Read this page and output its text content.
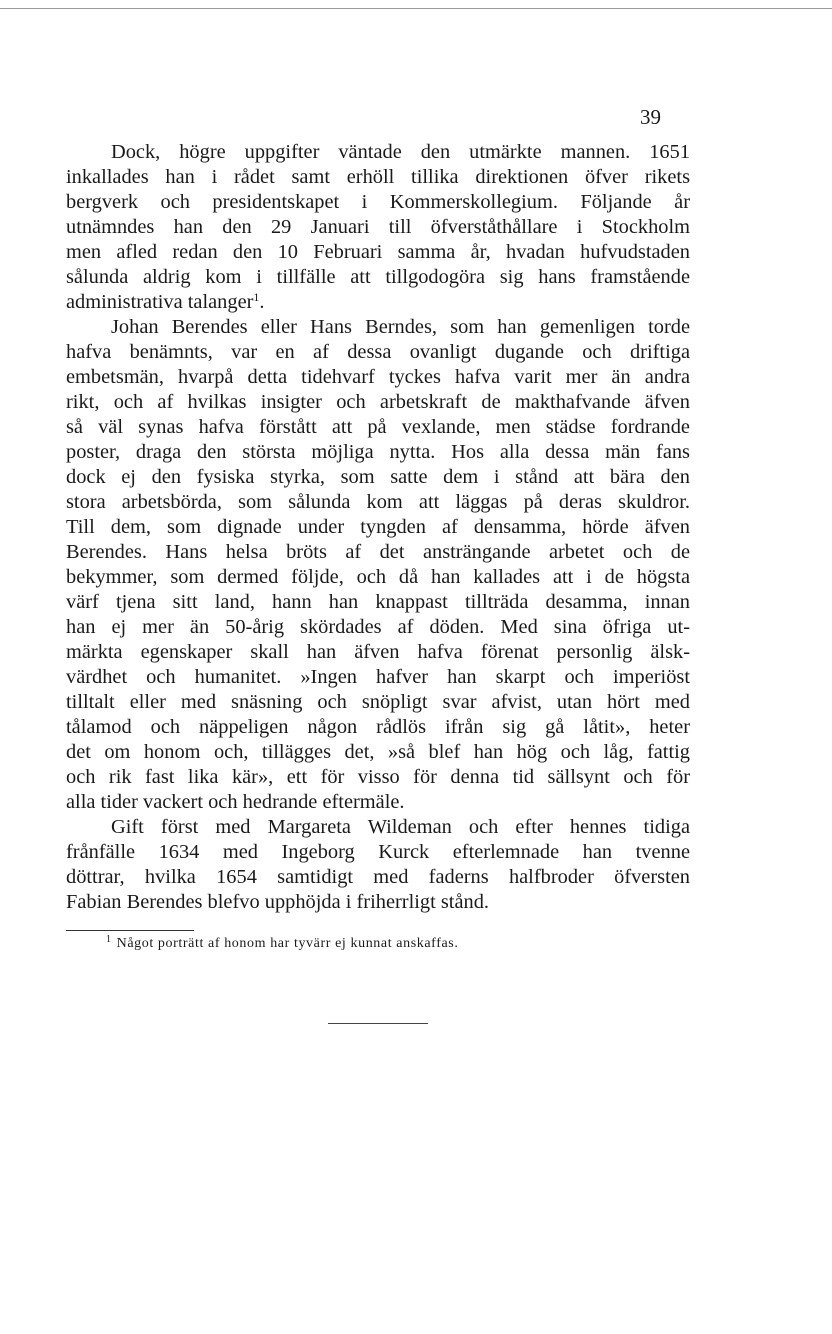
39

Dock, högre uppgifter väntade den utmärkte mannen. 1651
inkallades han i rådet samt erhöll tillika direktionen öfver rikets
bergverk och presidentskapet i Kommerskollegium. Följande år
utnämndes han den 29 Januari till öfverståthållare i Stockholm
men afled redan den 10 Februari samma år, hvadan hufvudstaden
sålunda aldrig kom i tillfälle att tillgodogöra sig hans framstående
administrativa talanger$^1$.

Johan Berendes eller Hans Berndes, som han gemenligen torde
hafva benämnts, var en af dessa ovanligt dugande och driftiga
embetsmän, hvarpå detta tidehvarf tyckes hafva varit mer än andra
rikt, och af hvilkas insigter och arbetskraft de makthafvande äfven
så väl synas hafva förstått att på vexlande, men städse fordrande
poster, draga den största möjliga nytta. Hos alla dessa män fans
dock ej den fysiska styrka, som satte dem i stånd att bära den
stora arbetsbörda, som sålunda kom att läggas på deras skuldror.
Till dem, som dignade under tyngden af densamma, hörde äfven
Berendes. Hans helsa bröts af det ansträngande arbetet och de
bekymmer, som dermed följde, och då han kallades att i de högsta
värf tjena sitt land, hann han knappast tillträda desamma, innan
han ej mer än 50-årig skördades af döden. Med sina öfriga ut-
märkta egenskaper skall han äfven hafva förenat personlig älsk-
värdhet och humanitet. »Ingen hafver han skarpt och imperiöst
tilltalt eller med snäsning och snöpligt svar afvist, utan hört med
tålamod och näppeligen någon rådlös ifrån sig gå låtit», heter
det om honom och, tillägges det, »så blef han hög och låg, fattig
och rik fast lika kär», ett för visso för denna tid sällsynt och för
alla tider vackert och hedrande eftermäle.

Gift först med Margareta Wildeman och efter hennes tidiga
frånfälle 1634 med Ingeborg Kurck efterlemnade han tvenne
döttrar, hvilka 1654 samtidigt med faderns halfbroder öfversten
Fabian Berendes blefvo upphöjda i friherrligt stånd.

$^1$ Något porträtt af honom har tyvärr ej kunnat anskaffas.
